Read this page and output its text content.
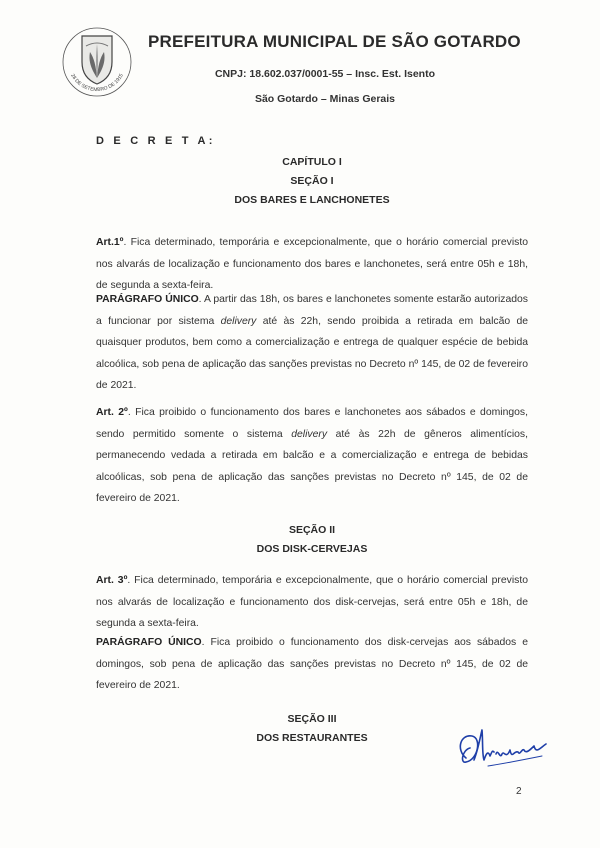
28 DE SETEMBRO DE 1915
PREFEITURA MUNICIPAL DE SÃO GOTARDO
CNPJ: 18.602.037/0001-55 – Insc. Est. Isento
São Gotardo – Minas Gerais
D E C R E T A:
CAPÍTULO I
SEÇÃO I
DOS BARES E LANCHONETES
Art.1º. Fica determinado, temporária e excepcionalmente, que o horário comercial previsto nos alvarás de localização e funcionamento dos bares e lanchonetes, será entre 05h e 18h, de segunda a sexta-feira.
PARÁGRAFO ÚNICO. A partir das 18h, os bares e lanchonetes somente estarão autorizados a funcionar por sistema delivery até às 22h, sendo proibida a retirada em balcão de quaisquer produtos, bem como a comercialização e entrega de qualquer espécie de bebida alcoólica, sob pena de aplicação das sanções previstas no Decreto nº 145, de 02 de fevereiro de 2021.
Art. 2º. Fica proibido o funcionamento dos bares e lanchonetes aos sábados e domingos, sendo permitido somente o sistema delivery até às 22h de gêneros alimentícios, permanecendo vedada a retirada em balcão e a comercialização e entrega de bebidas alcoólicas, sob pena de aplicação das sanções previstas no Decreto nº 145, de 02 de fevereiro de 2021.
SEÇÃO II
DOS DISK-CERVEJAS
Art. 3º. Fica determinado, temporária e excepcionalmente, que o horário comercial previsto nos alvarás de localização e funcionamento dos disk-cervejas, será entre 05h e 18h, de segunda a sexta-feira.
PARÁGRAFO ÚNICO. Fica proibido o funcionamento dos disk-cervejas aos sábados e domingos, sob pena de aplicação das sanções previstas no Decreto nº 145, de 02 de fevereiro de 2021.
SEÇÃO III
DOS RESTAURANTES
2
